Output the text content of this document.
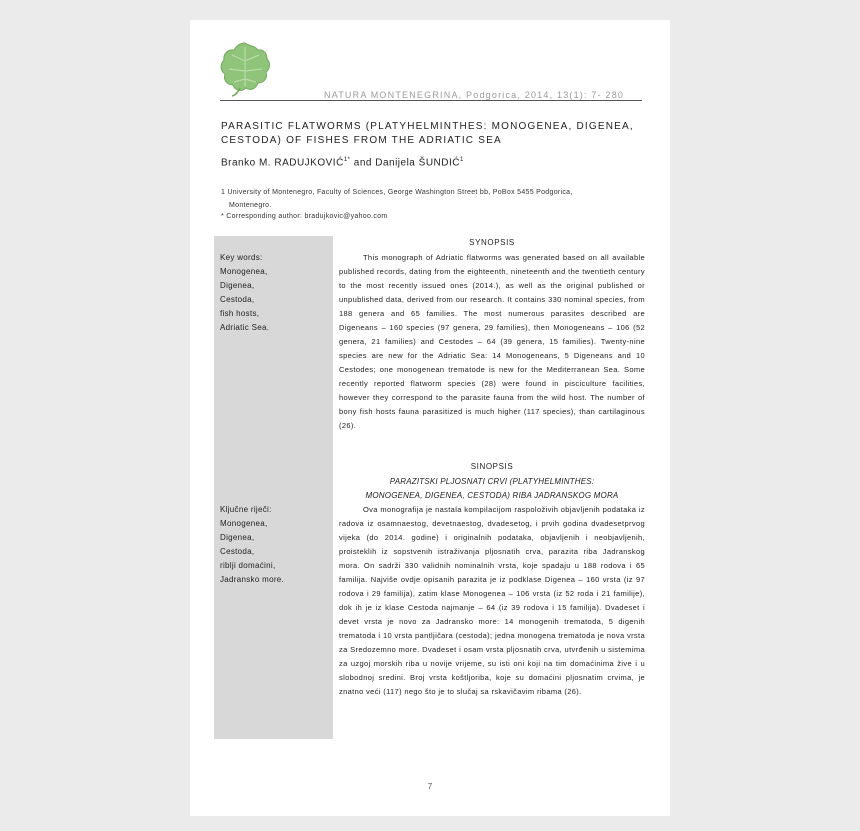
NATURA MONTENEGRINA, Podgorica, 2014, 13(1): 7- 280
PARASITIC FLATWORMS (PLATYHELMINTHES: MONOGENEA, DIGENEA, CESTODA) OF FISHES FROM THE ADRIATIC SEA
Branko M. $RADUJKOVIĆ^{1*}$ and Danijela ŠUNDIĆ$^1$
1 University of Montenegro, Faculty of Sciences, George Washington Street bb, PoBox 5455 Podgorica,
Montenegro.
* Corresponding author: bradujkovic@yahoo.com
Key words:
Monogenea,
Digenea,
Cestoda,
fish hosts,
Adriatic Sea.
Ključne riječi:
Monogenea,
Digenea,
Cestoda,
riblji domaćini,
Jadransko more.
SYNOPSIS

This monograph of Adriatic flatworms was generated based on all available published records, dating from the eighteenth, nineteenth and the twentieth century to the most recently issued ones (2014.), as well as the original published or unpublished data, derived from our research. It contains 330 nominal species, from 188 genera and 65 families. The most numerous parasites described are Digeneans – 160 species (97 genera, 29 families), then Monogeneans – 106 (52 genera, 21 families) and Cestodes – 64 (39 genera, 15 families). Twenty-nine species are new for the Adriatic Sea: 14 Monogeneans, 5 Digeneans and 10 Cestodes; one monogenean trematode is new for the Mediterranean Sea. Some recently reported flatworm species (28) were found in pisciculture facilities, however they correspond to the parasite fauna from the wild host. The number of bony fish hosts fauna parasitized is much higher (117 species), than cartilaginous (26).

SINOPSIS
PARAZITSKI PLJOSNATI CRVI (PLATYHELMINTHES:
MONOGENEA, DIGENEA, CESTODA) RIBA JADRANSKOG MORA

Ova monografija je nastala kompilacijom raspoloživih objavljenih podataka iz radova iz osamnaestog, devetnaestog, dvadesetog, i prvih godina dvadesetprvog vijeka (do 2014. godine) i originalnih podataka, objavljenih i neobjavljenih, proisteklih iz sopstvenih istraživanja pljosnatih crva, parazita riba Jadranskog mora. On sadrži 330 validnih nominalnih vrsta, koje spadaju u 188 rodova i 65 familija. Najviše ovdje opisanih parazita je iz podklase Digenea – 160 vrsta (iz 97 rodova i 29 familija), zatim klase Monogenea – 106 vrsta (iz 52 roda i 21 familije), dok ih je iz klase Cestoda najmanje – 64 (iz 39 rodova i 15 familija). Dvadeset i devet vrsta je novo za Jadransko more: 14 monogenih trematoda, 5 digenih trematoda i 10 vrsta pantljičara (cestoda); jedna monogena trematoda je nova vrsta za Sredozemno more. Dvadeset i osam vrsta pljosnatih crva, utvrđenih u sistemima za uzgoj morskih riba u novije vrijeme, su isti oni koji na tim domaćinima žive i u slobodnoj sredini. Broj vrsta koštljoriba, koje su domaćini pljosnatim crvima, je znatno veći (117) nego što je to slučaj sa rskavičavim ribama (26).

7
